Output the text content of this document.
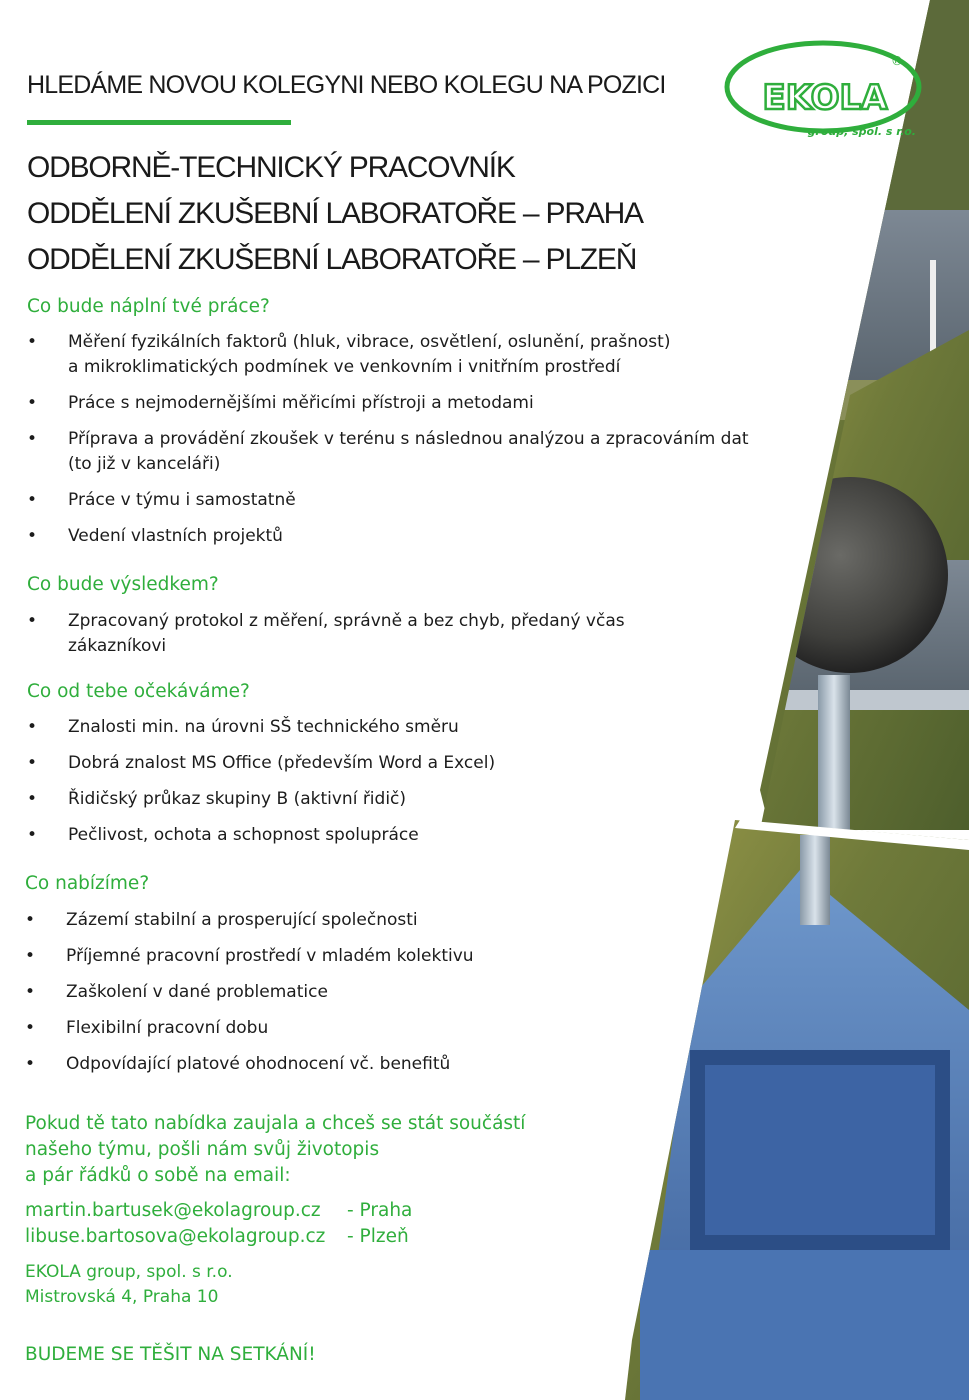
EKOLA
®
group, spol. s r.o.
HLEDÁME NOVOU KOLEGYNI NEBO KOLEGU NA POZICI
ODBORNĚ-TECHNICKÝ PRACOVNÍK
ODDĚLENÍ ZKUŠEBNÍ LABORATOŘE – PRAHA
ODDĚLENÍ ZKUŠEBNÍ LABORATOŘE – PLZEŇ
Co bude náplní tvé práce?
• Měření fyzikálních faktorů (hluk, vibrace, osvětlení, oslunění, prašnost)
a mikroklimatických podmínek ve venkovním i vnitřním prostředí
• Práce s nejmodernějšími měřicími přístroji a metodami
• Příprava a provádění zkoušek v terénu s následnou analýzou a zpracováním dat
(to již v kanceláři)
• Práce v týmu i samostatně
• Vedení vlastních projektů
Co bude výsledkem?
• Zpracovaný protokol z měření, správně a bez chyb, předaný včas
zákazníkovi
Co od tebe očekáváme?
• Znalosti min. na úrovni SŠ technického směru
• Dobrá znalost MS Office (především Word a Excel)
• Řidičský průkaz skupiny B (aktivní řidič)
• Pečlivost, ochota a schopnost spolupráce
Co nabízíme?
• Zázemí stabilní a prosperující společnosti
• Příjemné pracovní prostředí v mladém kolektivu
• Zaškolení v dané problematice
• Flexibilní pracovní dobu
• Odpovídající platové ohodnocení vč. benefitů

Pokud tě tato nabídka zaujala a chceš se stát součástí
našeho týmu, pošli nám svůj životopis
a pár řádků o sobě na email:

martin.bartusek@ekolagroup.cz - Praha
libuse.bartosova@ekolagroup.cz - Plzeň
EKOLA group, spol. s r.o.
Mistrovská 4, Praha 10

BUDEME SE TĚŠIT NA SETKÁNÍ!
